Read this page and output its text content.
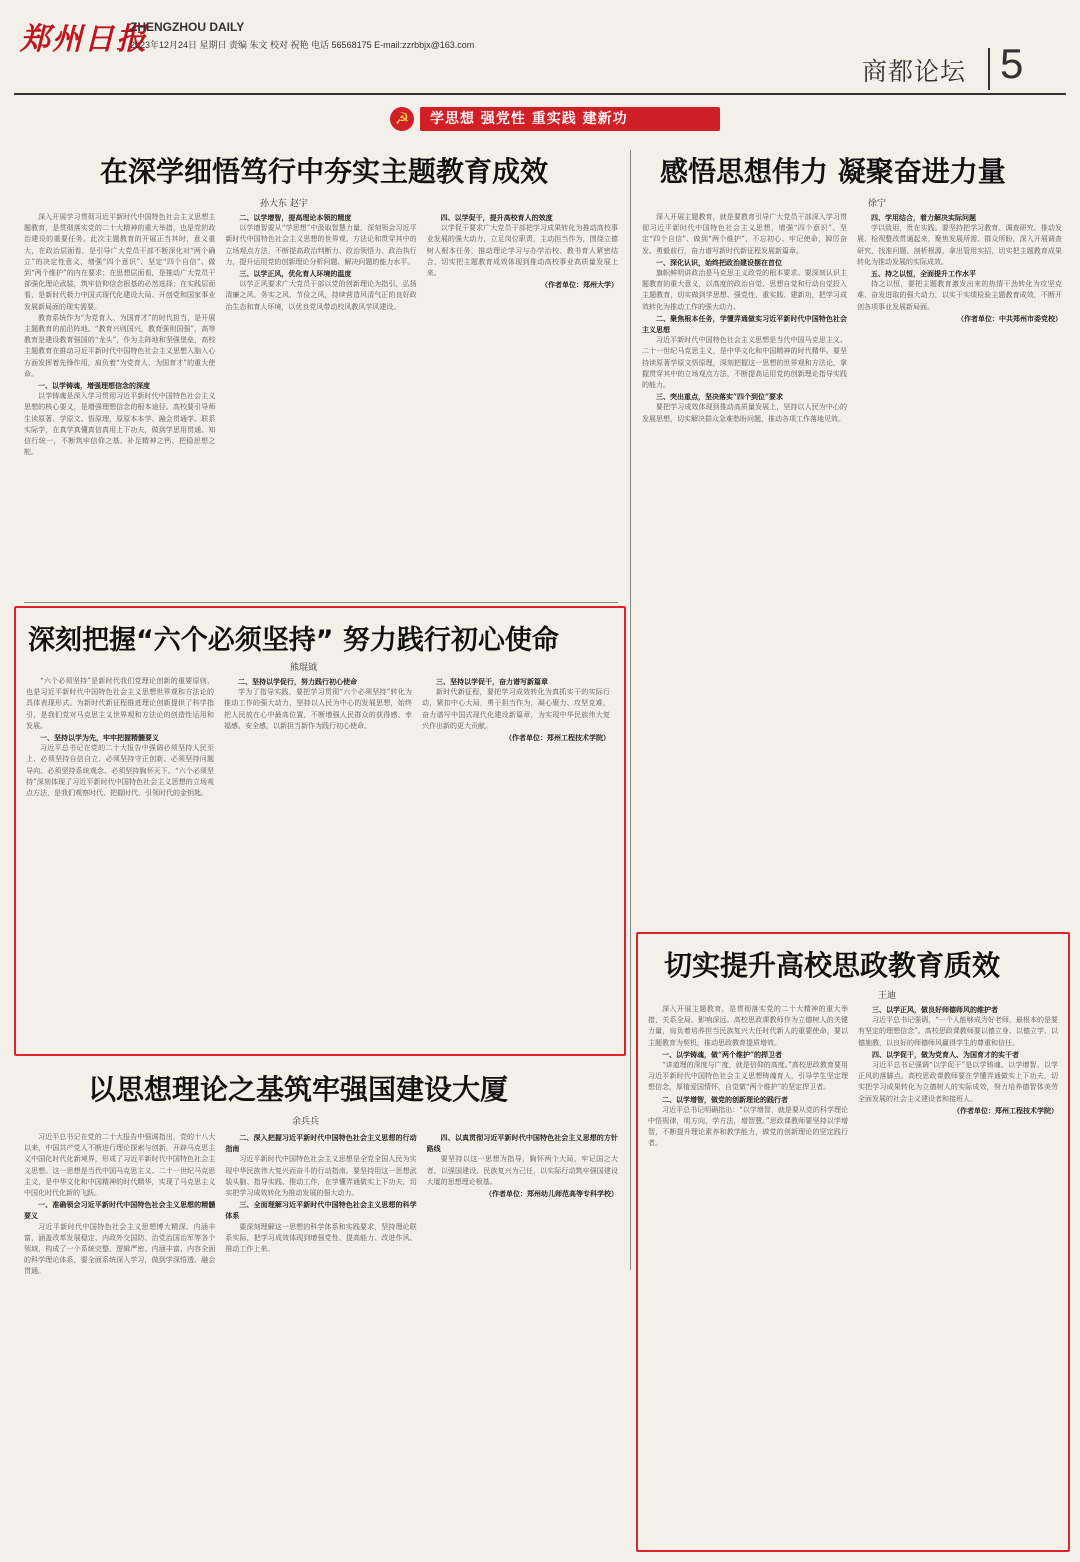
郑州日报
ZHENGZHOU DAILY
2023年12月24日 星期日 责编 朱文 校对 祝艳 电话 56568175 E-mail:zzrbbjx@163.com
商都论坛 5
☭	学思想 强党性 重实践 建新功
在深学细悟笃行中夯实主题教育成效
孙大东 赵宇

深入开展学习贯彻习近平新时代中国特色社会主义思想主题教育，是贯彻落实党的二十大精神的重大举措，也是党的政治建设的重要任务。此次主题教育的开展正当其时，意义重大，在政治层面看，是引导广大党员干部不断深化对“两个确立”的决定性意义，增强“四个意识”、坚定“四个自信”、做到“两个维护”的内在要求；在思想层面看，是推动广大党员干部强化理论武装，筑牢信仰信念根基的必然选择；在实践层面看，是新时代极力中国式现代化建设大局、开创党和国家事业发展新局面的现实需要。

教育系统作为“为党育人、为国育才”的时代担当，是开展主题教育的前沿阵地。“教育兴则国兴，教育强则国强”，高等教育是建设教育强国的“龙头”，作为主阵地和坚强堡垒，高校主题教育在推动习近平新时代中国特色社会主义思想入脑入心方面发挥着先锋作用，肩负着“为党育人、为国育才”的重大使命。

一、以学铸魂，增强理想信念的深度

以学铸魂是深入学习贯彻习近平新时代中国特色社会主义思想的核心要义，是增强理想信念的根本途径。高校要引导师生读原著、学原文、悟原理，原原本本学、融会贯通学、联系实际学，在真学真懂真信真用上下功夫，做到学思用贯通、知信行统一，不断筑牢信仰之基、补足精神之钙、把稳思想之舵。

二、以学增智，提高理论本领的精度

以学增智要从“学思想”中汲取智慧力量，深刻领会习近平新时代中国特色社会主义思想的世界观、方法论和贯穿其中的立场观点方法，不断提高政治判断力、政治领悟力、政治执行力，提升运用党的创新理论分析问题、解决问题的能力水平。

三、以学正风，优化育人环境的温度

以学正风要求广大党员干部以党的创新理论为指引，弘扬清廉之风、务实之风、节俭之风，持续营造风清气正的良好政治生态和育人环境，以优良党风带动校风教风学风建设。

四、以学促干，提升高校育人的效度

以学促干要求广大党员干部把学习成果转化为推动高校事业发展的强大动力，立足岗位职责，主动担当作为，围绕立德树人根本任务，推动理论学习与办学治校、教书育人紧密结合，切实把主题教育成效体现到推动高校事业高质量发展上来。

（作者单位：郑州大学）

感悟思想伟力 凝聚奋进力量
徐宁

深入开展主题教育，就是要教育引导广大党员干部深入学习贯彻习近平新时代中国特色社会主义思想，增强“四个意识”、坚定“四个自信”、做到“两个维护”，不忘初心、牢记使命，踔厉奋发、勇毅前行，奋力谱写新时代新征程发展新篇章。

一、深化认识，始终把政治建设摆在首位

旗帜鲜明讲政治是马克思主义政党的根本要求。要深刻认识主题教育的重大意义，以高度的政治自觉、思想自觉和行动自觉投入主题教育，切实做到学思想、强党性、重实践、建新功，把学习成效转化为推动工作的强大动力。

二、聚焦根本任务，学懂弄通做实习近平新时代中国特色社会主义思想

习近平新时代中国特色社会主义思想是当代中国马克思主义、二十一世纪马克思主义，是中华文化和中国精神的时代精华。要坚持读原著学原文悟原理，深刻把握这一思想的世界观和方法论，掌握贯穿其中的立场观点方法，不断提高运用党的创新理论指导实践的能力。

三、突出重点，坚决落实“四个到位”要求

要把学习成效体现到推动高质量发展上，坚持以人民为中心的发展思想，切实解决群众急难愁盼问题，推动各项工作落地见效。

四、学用结合，着力解决实际问题

学以致用，贵在实践。要坚持把学习教育、调查研究、推动发展、检视整改贯通起来，聚焦发展所需、群众所盼，深入开展调查研究，找准问题、剖析根源，拿出管用实招，切实把主题教育成果转化为推动发展的实际成效。

五、持之以恒，全面提升工作水平

持之以恒，要把主题教育激发出来的热情干劲转化为攻坚克难、奋发进取的强大动力，以实干实绩检验主题教育成效，不断开创各项事业发展新局面。

（作者单位：中共郑州市委党校）

深刻把握“六个必须坚持” 努力践行初心使命
熊琨钺

“六个必须坚持”是新时代我们党理论创新的重要原则，也是习近平新时代中国特色社会主义思想世界观和方法论的具体表现形式。为新时代新征程推进理论创新提供了科学指引，是我们党对马克思主义世界观和方法论的创造性运用和发展。

一、坚持以学为先，牢牢把握精髓要义

习近平总书记在党的二十大报告中强调必须坚持人民至上、必须坚持自信自立、必须坚持守正创新、必须坚持问题导向、必须坚持系统观念、必须坚持胸怀天下。“六个必须坚持”深刻体现了习近平新时代中国特色社会主义思想的立场观点方法，是我们观察时代、把握时代、引领时代的金钥匙。

二、坚持以学促行，努力践行初心使命

学为了指导实践，要把学习贯彻“六个必须坚持”转化为推动工作的强大动力，坚持以人民为中心的发展思想，始终把人民放在心中最高位置，不断增强人民群众的获得感、幸福感、安全感，以新担当新作为践行初心使命。

三、坚持以学促干，奋力谱写新篇章

新时代新征程，要把学习成效转化为真抓实干的实际行动，紧扣中心大局，勇于担当作为，凝心聚力、攻坚克难，奋力谱写中国式现代化建设新篇章，为实现中华民族伟大复兴作出新的更大贡献。

（作者单位：郑州工程技术学院）

以思想理论之基筑牢强国建设大厦
余兵兵

习近平总书记在党的二十大报告中强调指出，党的十八大以来，中国共产党人不断进行理论探索与创新，开辟马克思主义中国化时代化新境界，形成了习近平新时代中国特色社会主义思想。这一思想是当代中国马克思主义、二十一世纪马克思主义，是中华文化和中国精神的时代精华，实现了马克思主义中国化时代化新的飞跃。

一、准确领会习近平新时代中国特色社会主义思想的精髓要义

习近平新时代中国特色社会主义思想博大精深、内涵丰富，涵盖改革发展稳定、内政外交国防、治党治国治军等各个领域，构成了一个系统完整、逻辑严密、内涵丰富、内容全面的科学理论体系，要全面系统深入学习，做到学深悟透、融会贯通。

二、深入把握习近平新时代中国特色社会主义思想的行动指南

习近平新时代中国特色社会主义思想是全党全国人民为实现中华民族伟大复兴而奋斗的行动指南。要坚持用这一思想武装头脑、指导实践、推动工作，在学懂弄通做实上下功夫，切实把学习成效转化为推动发展的强大动力。

三、全面理解习近平新时代中国特色社会主义思想的科学体系

要深刻理解这一思想的科学体系和实践要求，坚持理论联系实际，把学习成效体现到增强党性、提高能力、改进作风、推动工作上来。

四、以真贯彻习近平新时代中国特色社会主义思想的方针路线

要坚持以这一思想为指导，胸怀两个大局，牢记国之大者，以强国建设、民族复兴为己任，以实际行动筑牢强国建设大厦的思想理论根基。

（作者单位：郑州幼儿师范高等专科学校）

切实提升高校思政教育质效
王迪

深入开展主题教育，是贯彻落实党的二十大精神的重大举措，关系全局、影响深远。高校思政课教师作为立德树人的关键力量，肩负着培养担当民族复兴大任时代新人的重要使命，要以主题教育为契机，推动思政教育提质增效。

一、以学铸魂，做“两个维护”的捍卫者

“讲道理的深度与广度，就是信仰的高度。”高校思政教育要用习近平新时代中国特色社会主义思想铸魂育人，引导学生坚定理想信念，厚植爱国情怀，自觉做“两个维护”的坚定捍卫者。

二、以学增智，做党的创新理论的践行者

习近平总书记明确指出：“以学增智，就是要从党的科学理论中悟规律，明方向，学方法，增智慧。”思政课教师要坚持以学增智，不断提升理论素养和教学能力，做党的创新理论的坚定践行者。

三、以学正风，做良好师德师风的维护者

习近平总书记强调，“一个人能够成为好老师，最根本的是要有坚定的理想信念”。高校思政课教师要以德立身、以德立学、以德施教，以良好的师德师风赢得学生的尊重和信任。

四、以学促干，做为党育人、为国育才的实干者

习近平总书记强调“以学促干”是以学铸魂、以学增智、以学正风的落脚点。高校思政课教师要在学懂弄通做实上下功夫，切实把学习成果转化为立德树人的实际成效，努力培养德智体美劳全面发展的社会主义建设者和接班人。

（作者单位：郑州工程技术学院）
